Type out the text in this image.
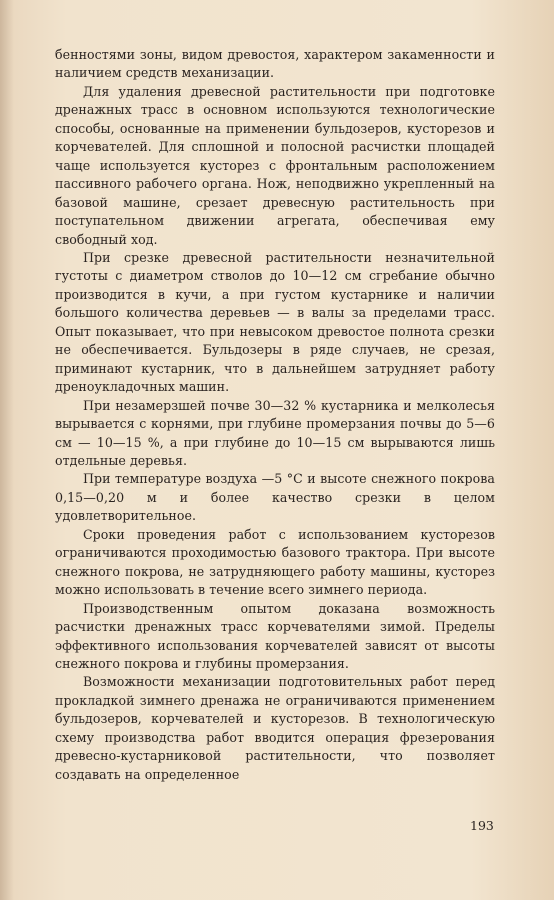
бенностями зоны, видом древостоя, характером закаменности и наличием средств механизации.

Для удаления древесной растительности при подготовке дренажных трасс в основном используются технологические способы, основанные на применении бульдозеров, кусторезов и корчевателей. Для сплошной и полосной расчистки площадей чаще используется кусторез с фронтальным расположением пассивного рабочего органа. Нож, неподвижно укрепленный на базовой машине, срезает древесную растительность при поступательном движении агрегата, обеспечивая ему свободный ход.

При срезке древесной растительности незначительной густоты с диаметром стволов до 10—12 см сгребание обычно производится в кучи, а при густом кустарнике и наличии большого количества деревьев — в валы за пределами трасс. Опыт показывает, что при невысоком древостое полнота срезки не обеспечивается. Бульдозеры в ряде случаев, не срезая, приминают кустарник, что в дальнейшем затрудняет работу дреноукладочных машин.

При незамерзшей почве 30—32 % кустарника и мелколесья вырывается с корнями, при глубине промерзания почвы до 5—6 см — 10—15 %, а при глубине до 10—15 см вырываются лишь отдельные деревья.

При температуре воздуха —5 °С и высоте снежного покрова 0,15—0,20 м и более качество срезки в целом удовлетворительное.

Сроки проведения работ с использованием кусторезов ограничиваются проходимостью базового трактора. При высоте снежного покрова, не затрудняющего работу машины, кусторез можно использовать в течение всего зимнего периода.

Производственным опытом доказана возможность расчистки дренажных трасс корчевателями зимой. Пределы эффективного использования корчевателей зависят от высоты снежного покрова и глубины промерзания.

Возможности механизации подготовительных работ перед прокладкой зимнего дренажа не ограничиваются применением бульдозеров, корчевателей и кусторезов. В технологическую схему производства работ вводится операция фрезерования древесно-кустарниковой растительности, что позволяет создавать на определенное

193
